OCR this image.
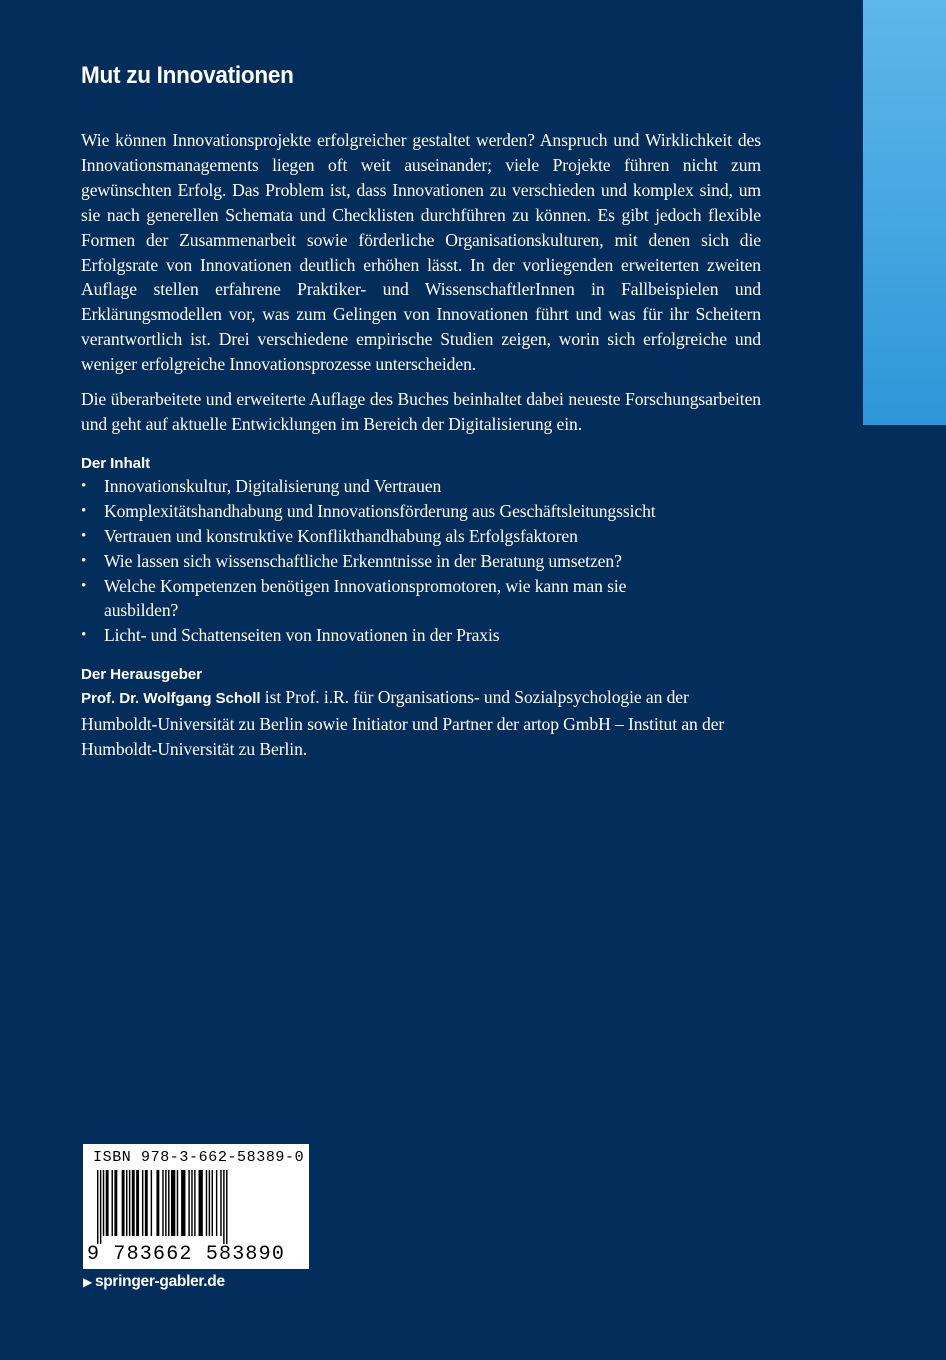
Mut zu Innovationen

Wie können Innovationsprojekte erfolgreicher gestaltet werden? Anspruch und Wirklichkeit des Innovationsmanagements liegen oft weit auseinander; viele Projekte führen nicht zum gewünschten Erfolg. Das Problem ist, dass Innovationen zu verschieden und komplex sind, um sie nach generellen Schemata und Checklisten durchführen zu können. Es gibt jedoch flexible Formen der Zusammenarbeit sowie förderliche Organisationskulturen, mit denen sich die Erfolgsrate von Innovationen deutlich erhöhen lässt. In der vorliegenden erweiterten zweiten Auflage stellen erfahrene Praktiker- und WissenschaftlerInnen in Fallbeispielen und Erklärungsmodellen vor, was zum Gelingen von Innovationen führt und was für ihr Scheitern verantwortlich ist. Drei verschiedene empirische Studien zeigen, worin sich erfolgreiche und weniger erfolgreiche Innovationsprozesse unterscheiden.

Die überarbeitete und erweiterte Auflage des Buches beinhaltet dabei neueste Forschungsarbeiten und geht auf aktuelle Entwicklungen im Bereich der Digitalisierung ein.

Der Inhalt
• Innovationskultur, Digitalisierung und Vertrauen
• Komplexitätshandhabung und Innovationsförderung aus Geschäftsleitungssicht
• Vertrauen und konstruktive Konflikthandhabung als Erfolgsfaktoren
• Wie lassen sich wissenschaftliche Erkenntnisse in der Beratung umsetzen?
• Welche Kompetenzen benötigen Innovationspromotoren, wie kann man sie ausbilden?
• Licht- und Schattenseiten von Innovationen in der Praxis
Der Herausgeber
Prof. Dr. Wolfgang Scholl ist Prof. i.R. für Organisations- und Sozialpsychologie an der Humboldt-Universität zu Berlin sowie Initiator und Partner der artop GmbH – Institut an der Humboldt-Universität zu Berlin.
ISBN 978-3-662-58389-0
9 783662 583890
▶ springer-gabler.de
